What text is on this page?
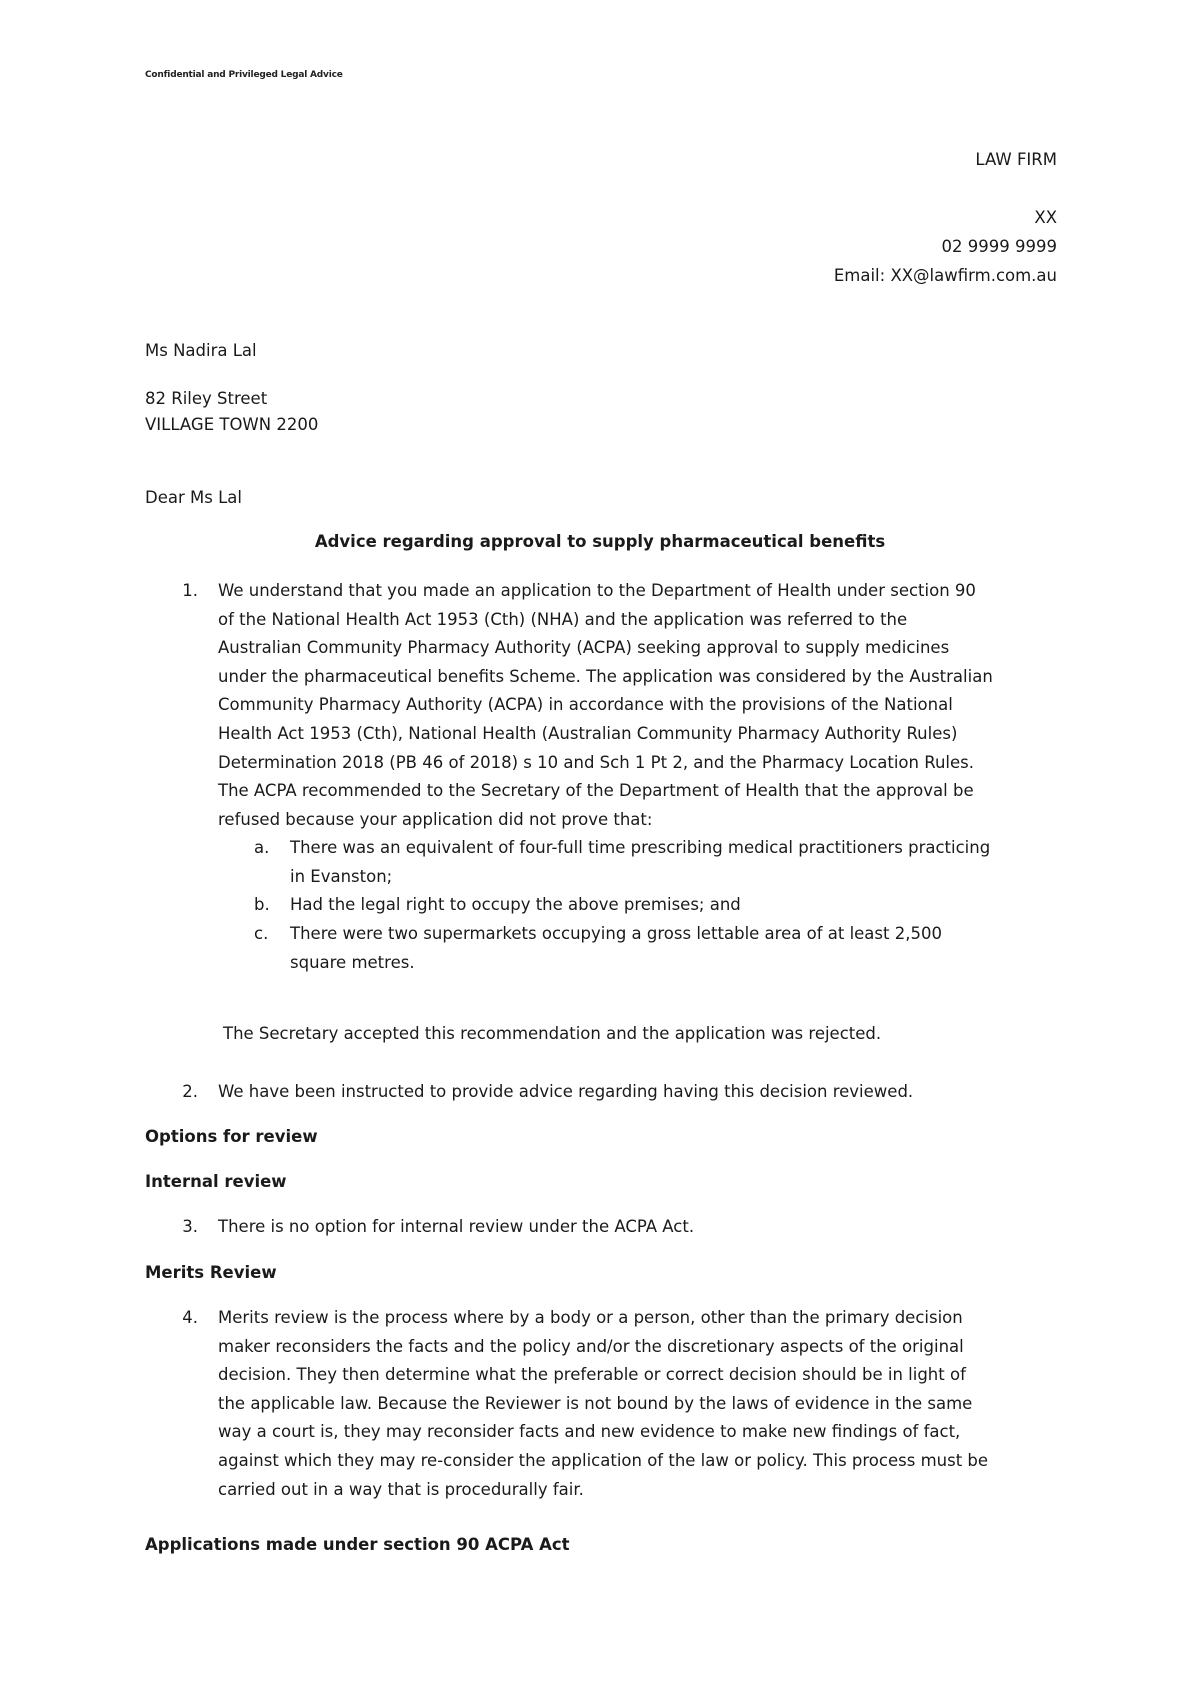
Confidential and Privileged Legal Advice
LAW FIRM
XX
02 9999 9999
Email: XX@lawfirm.com.au
Ms Nadira Lal
82 Riley Street
VILLAGE TOWN 2200
Dear Ms Lal
Advice regarding approval to supply pharmaceutical benefits
1. We understand that you made an application to the Department of Health under section 90
of the National Health Act 1953 (Cth) (NHA) and the application was referred to the
Australian Community Pharmacy Authority (ACPA) seeking approval to supply medicines
under the pharmaceutical benefits Scheme. The application was considered by the Australian
Community Pharmacy Authority (ACPA) in accordance with the provisions of the National
Health Act 1953 (Cth), National Health (Australian Community Pharmacy Authority Rules)
Determination 2018 (PB 46 of 2018) s 10 and Sch 1 Pt 2, and the Pharmacy Location Rules.
The ACPA recommended to the Secretary of the Department of Health that the approval be
refused because your application did not prove that:
a. There was an equivalent of four-full time prescribing medical practitioners practicing
in Evanston;
b. Had the legal right to occupy the above premises; and
c. There were two supermarkets occupying a gross lettable area of at least 2,500
square metres.
The Secretary accepted this recommendation and the application was rejected.
2. We have been instructed to provide advice regarding having this decision reviewed.
Options for review
Internal review
3. There is no option for internal review under the ACPA Act.
Merits Review
4. Merits review is the process where by a body or a person, other than the primary decision
maker reconsiders the facts and the policy and/or the discretionary aspects of the original
decision. They then determine what the preferable or correct decision should be in light of
the applicable law. Because the Reviewer is not bound by the laws of evidence in the same
way a court is, they may reconsider facts and new evidence to make new findings of fact,
against which they may re-consider the application of the law or policy. This process must be
carried out in a way that is procedurally fair.
Applications made under section 90 ACPA Act
